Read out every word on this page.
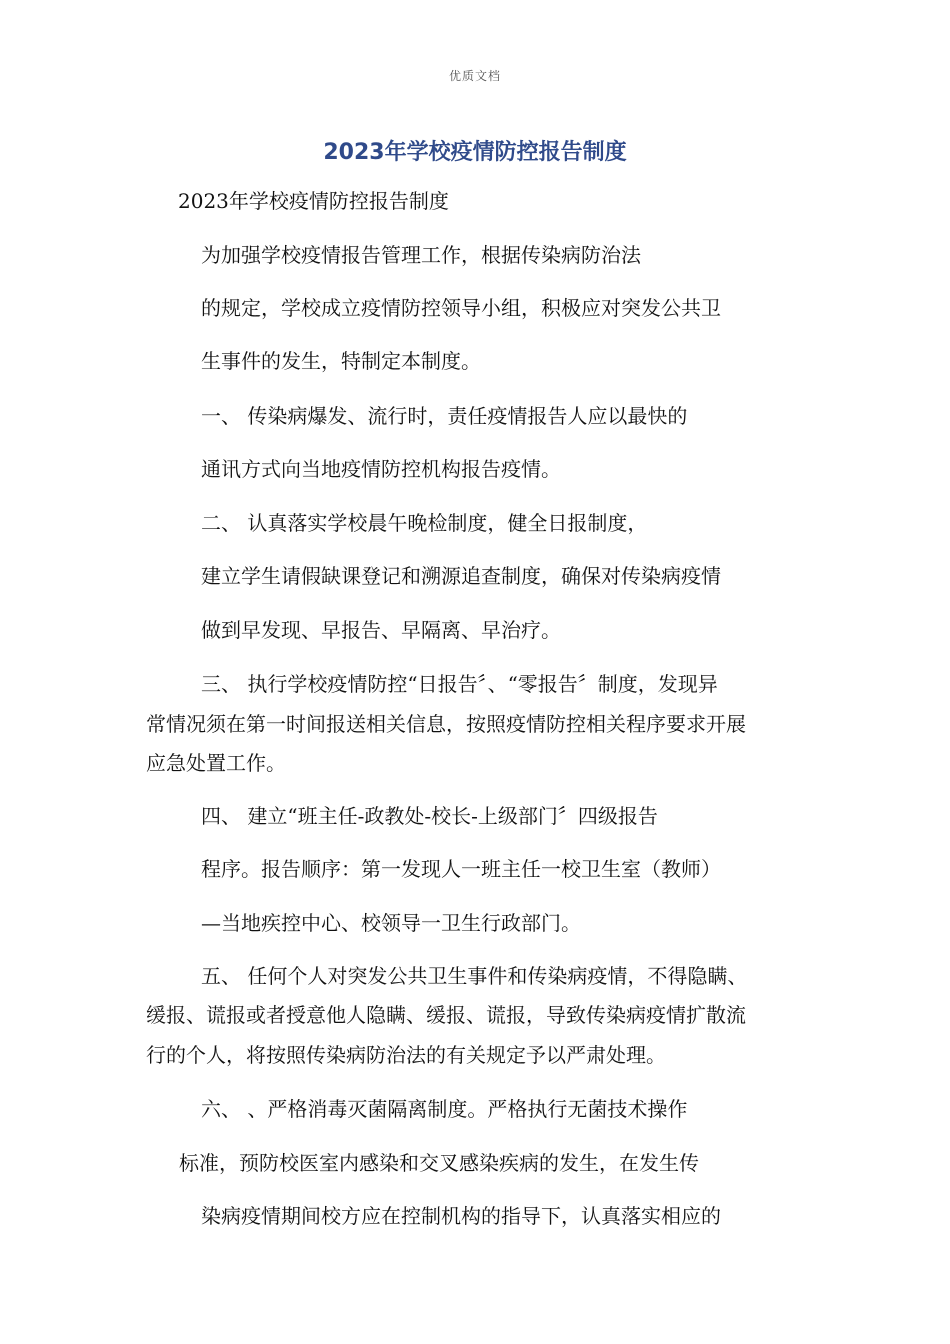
优质文档
2023年学校疫情防控报告制度
2023年学校疫情防控报告制度
为加强学校疫情报告管理工作，根据传染病防治法
的规定，学校成立疫情防控领导小组，积极应对突发公共卫
生事件的发生，特制定本制度。
一、 传染病爆发、流行时，责任疫情报告人应以最快的
通讯方式向当地疫情防控机构报告疫情。
二、 认真落实学校晨午晚检制度，健全日报制度，
建立学生请假缺课登记和溯源追查制度，确保对传染病疫情
做到早发现、早报告、早隔离、早治疗。
三、 执行学校疫情防控“日报告〞、“零报告〞制度，发现异
常情况须在第一时间报送相关信息，按照疫情防控相关程序要求开展
应急处置工作。
四、 建立“班主任-政教处-校长-上级部门〞四级报告
程序。报告顺序：第一发现人一班主任一校卫生室（教师）
—当地疾控中心、校领导一卫生行政部门。
五、 任何个人对突发公共卫生事件和传染病疫情，不得隐瞒、
缓报、谎报或者授意他人隐瞒、缓报、谎报，导致传染病疫情扩散流
行的个人，将按照传染病防治法的有关规定予以严肃处理。
六、 、严格消毒灭菌隔离制度。严格执行无菌技术操作
标准，预防校医室内感染和交叉感染疾病的发生，在发生传
染病疫情期间校方应在控制机构的指导下，认真落实相应的
